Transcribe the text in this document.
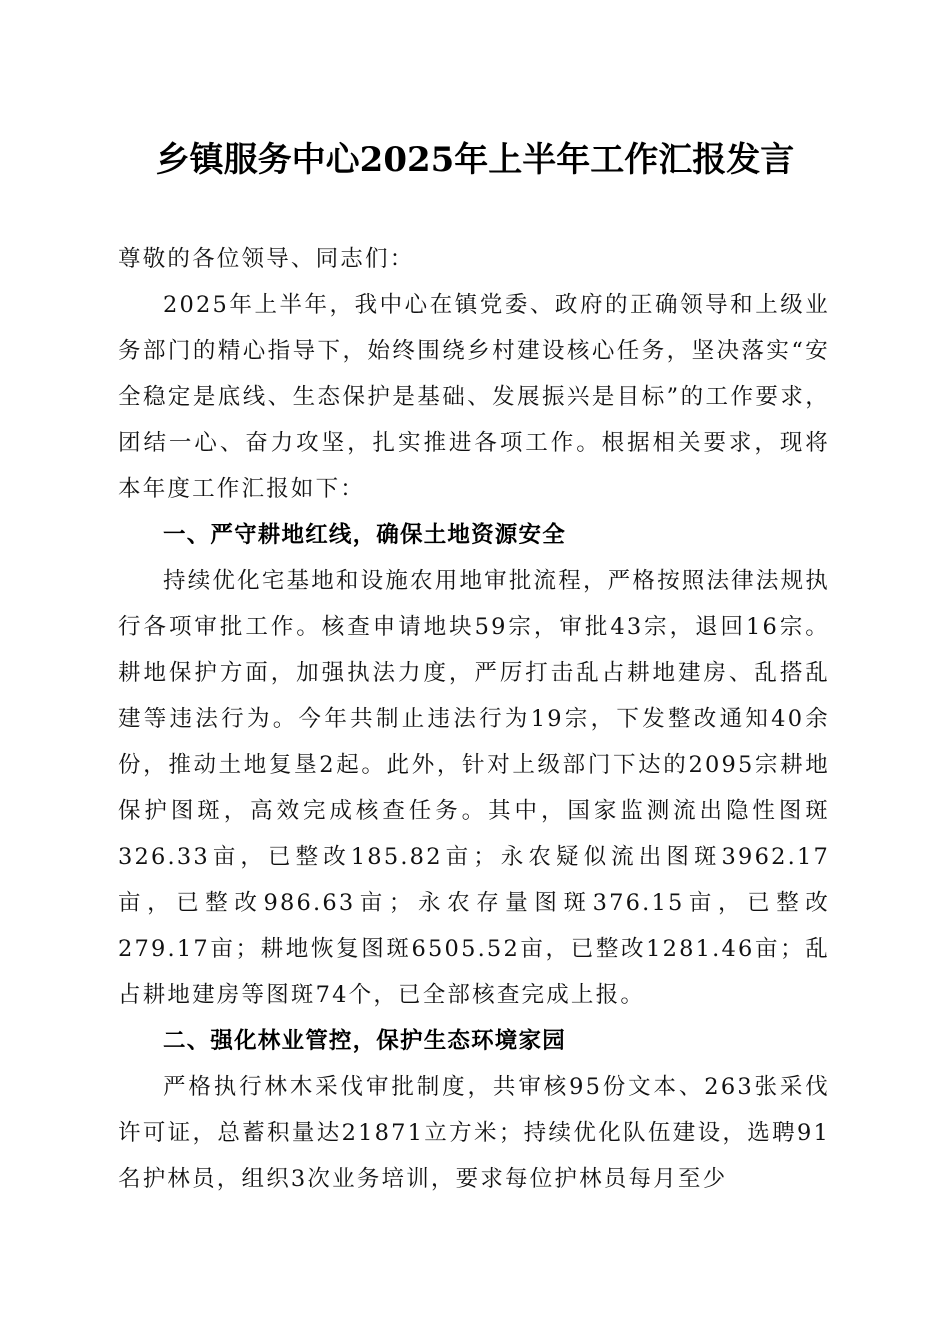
乡镇服务中心2025年上半年工作汇报发言

尊敬的各位领导、同志们：

2025年上半年，我中心在镇党委、政府的正确领导和上级业务部门的精心指导下，始终围绕乡村建设核心任务，坚决落实“安全稳定是底线、生态保护是基础、发展振兴是目标”的工作要求，团结一心、奋力攻坚，扎实推进各项工作。根据相关要求，现将本年度工作汇报如下：

一、严守耕地红线，确保土地资源安全

持续优化宅基地和设施农用地审批流程，严格按照法律法规执行各项审批工作。核查申请地块59宗，审批43宗，退回16宗。耕地保护方面，加强执法力度，严厉打击乱占耕地建房、乱搭乱建等违法行为。今年共制止违法行为19宗，下发整改通知40余份，推动土地复垦2起。此外，针对上级部门下达的2095宗耕地保护图斑，高效完成核查任务。其中，国家监测流出隐性图斑326.33亩，已整改185.82亩；永农疑似流出图斑3962.17亩，已整改986.63亩；永农存量图斑376.15亩，已整改279.17亩；耕地恢复图斑6505.52亩，已整改1281.46亩；乱占耕地建房等图斑74个，已全部核查完成上报。

二、强化林业管控，保护生态环境家园

严格执行林木采伐审批制度，共审核95份文本、263张采伐许可证，总蓄积量达21871立方米；持续优化队伍建设，选聘91名护林员，组织3次业务培训，要求每位护林员每月至少
